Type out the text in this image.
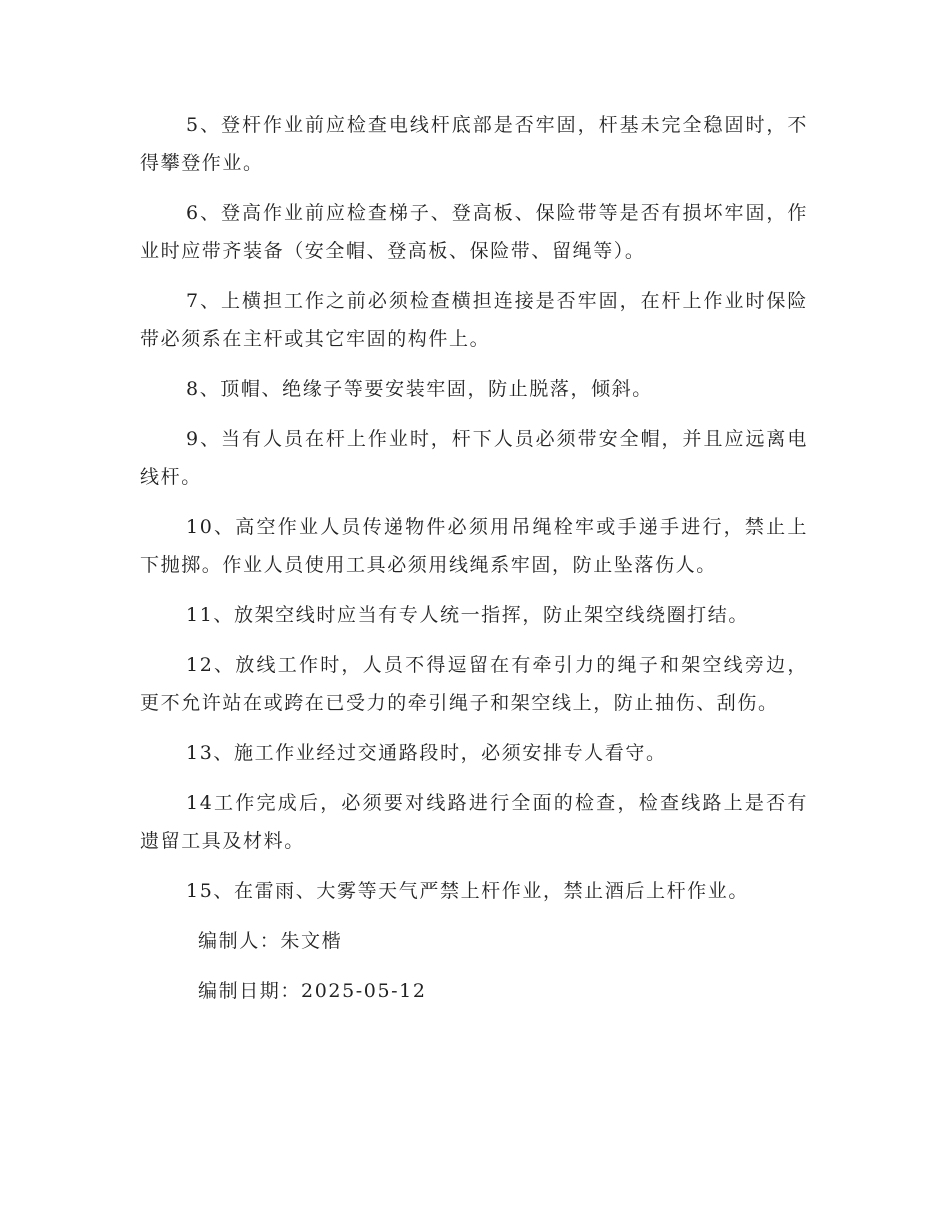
5、登杆作业前应检查电线杆底部是否牢固，杆基未完全稳固时，不得攀登作业。

6、登高作业前应检查梯子、登高板、保险带等是否有损坏牢固，作业时应带齐装备（安全帽、登高板、保险带、留绳等）。

7、上横担工作之前必须检查横担连接是否牢固，在杆上作业时保险带必须系在主杆或其它牢固的构件上。

8、顶帽、绝缘子等要安装牢固，防止脱落，倾斜。

9、当有人员在杆上作业时，杆下人员必须带安全帽，并且应远离电线杆。

10、高空作业人员传递物件必须用吊绳栓牢或手递手进行，禁止上下抛掷。作业人员使用工具必须用线绳系牢固，防止坠落伤人。

11、放架空线时应当有专人统一指挥，防止架空线绕圈打结。

12、放线工作时，人员不得逗留在有牵引力的绳子和架空线旁边，更不允许站在或跨在已受力的牵引绳子和架空线上，防止抽伤、刮伤。

13、施工作业经过交通路段时，必须安排专人看守。

14工作完成后，必须要对线路进行全面的检查，检查线路上是否有遗留工具及材料。

15、在雷雨、大雾等天气严禁上杆作业，禁止酒后上杆作业。

编制人：朱文楷

编制日期：2025-05-12
